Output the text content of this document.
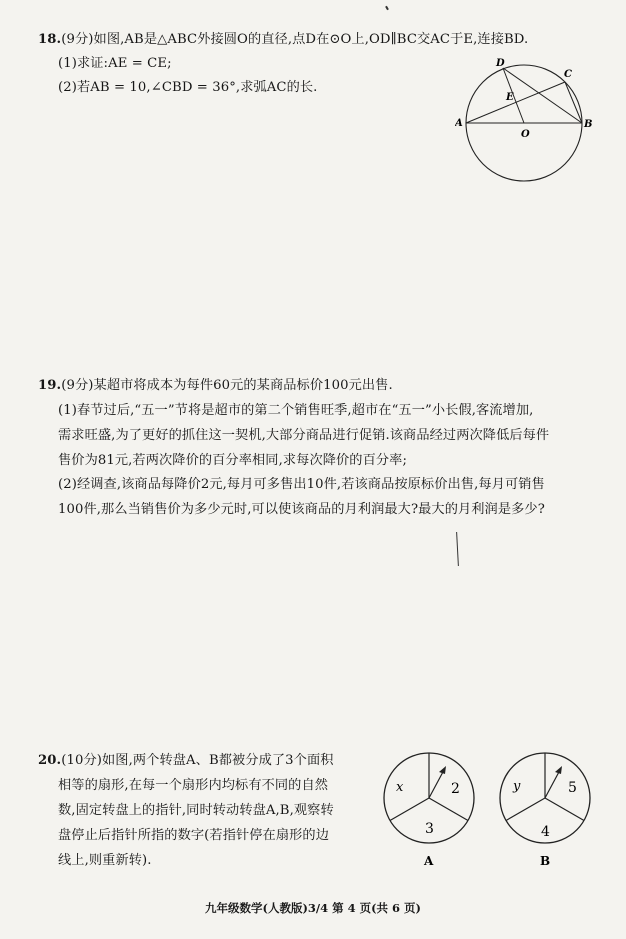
18.(9分)如图,AB是△ABC外接圆O的直径,点D在⊙O上,OD∥BC交AC于E,连接BD.
(1)求证:AE = CE;
(2)若AB = 10,∠CBD = 36°,求弧AC的长.
D
C
E
A
O
B
19.(9分)某超市将成本为每件60元的某商品标价100元出售.
(1)春节过后,“五一”节将是超市的第二个销售旺季,超市在“五一”小长假,客流增加,
需求旺盛,为了更好的抓住这一契机,大部分商品进行促销.该商品经过两次降低后每件
售价为81元,若两次降价的百分率相同,求每次降价的百分率;
(2)经调查,该商品每降价2元,每月可多售出10件,若该商品按原标价出售,每月可销售
100件,那么当销售价为多少元时,可以使该商品的月利润最大?最大的月利润是多少?
20.(10分)如图,两个转盘A、B都被分成了3个面积
相等的扇形,在每一个扇形内均标有不同的自然
数,固定转盘上的指针,同时转动转盘A,B,观察转
盘停止后指针所指的数字(若指针停在扇形的边
线上,则重新转).
x	2
3
A
y	5
4
B
九年级数学(人教版)3/4 第 4 页(共 6 页)
